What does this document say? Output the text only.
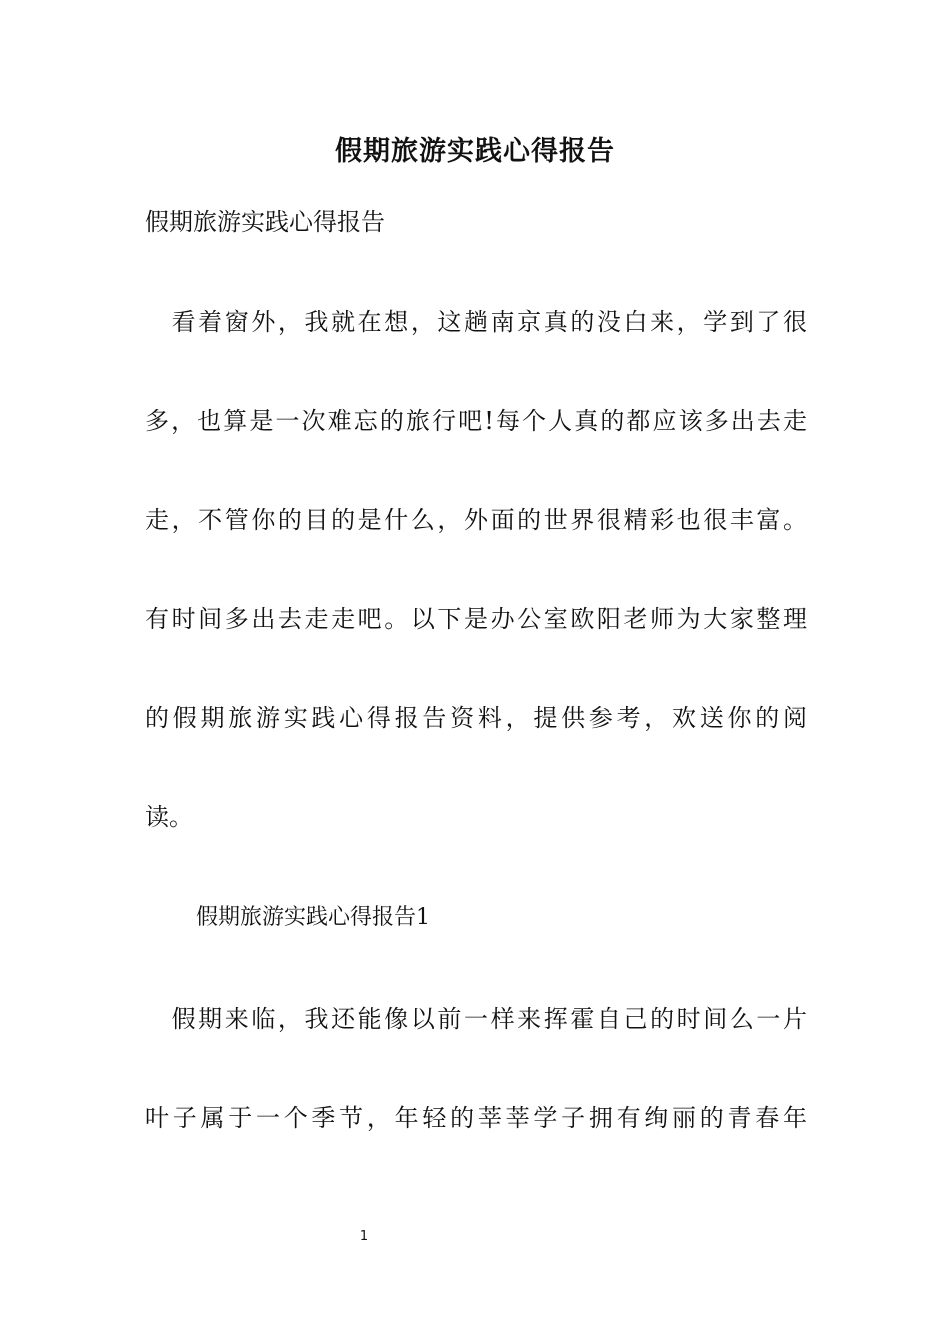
假期旅游实践心得报告
假期旅游实践心得报告
　看着窗外，我就在想，这趟南京真的没白来，学到了很
多，也算是一次难忘的旅行吧!每个人真的都应该多出去走
走，不管你的目的是什么，外面的世界很精彩也很丰富。
有时间多出去走走吧。以下是办公室欧阳老师为大家整理
的假期旅游实践心得报告资料，提供参考，欢送你的阅
读。
假期旅游实践心得报告1
　假期来临，我还能像以前一样来挥霍自己的时间么一片
叶子属于一个季节，年轻的莘莘学子拥有绚丽的青春年
1
